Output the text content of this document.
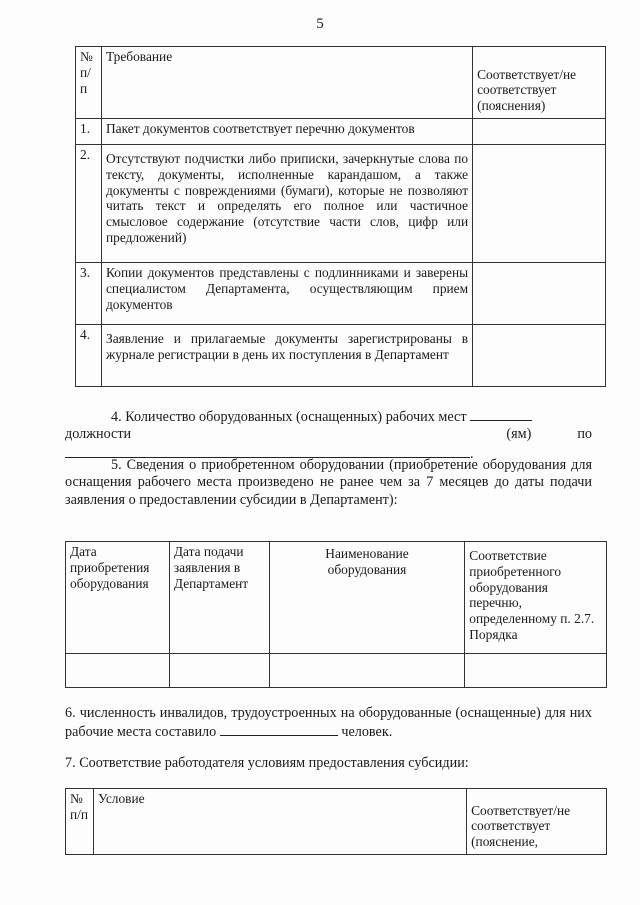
5
№ п/п	Требование	Соответствует/не соответствует (пояснения)
1.	Пакет документов соответствует перечню документов	
2.	Отсутствуют подчистки либо приписки, зачеркнутые слова по тексту, документы, исполненные карандашом, а также документы с повреждениями (бумаги), которые не позволяют читать текст и определять его полное или частичное смысловое содержание (отсутствие части слов, цифр или предложений)	
3.	Копии документов представлены с подлинниками и заверены специалистом Департамента, осуществляющим прием документов	
4.	Заявление и прилагаемые документы зарегистрированы в журнале регистрации в день их поступления в Департамент	
4. Количество оборудованных (оснащенных) рабочих мест
по
должности (ям) .
5. Сведения о приобретенном оборудовании (приобретение оборудования для оснащения рабочего места произведено не ранее чем за 7 месяцев до даты подачи заявления о предоставлении субсидии в Департамент):
Дата приобретения оборудования	Дата подачи заявления в Департамент	Наименование оборудования	Соответствие приобретенного оборудования перечню, определенному п. 2.7. Порядка

6. численность инвалидов, трудоустроенных на оборудованные (оснащенные) для них рабочие места составило	человек.
7. Соответствие работодателя условиям предоставления субсидии:
№ п/п	Условие	Соответствует/не соответствует (пояснение,
